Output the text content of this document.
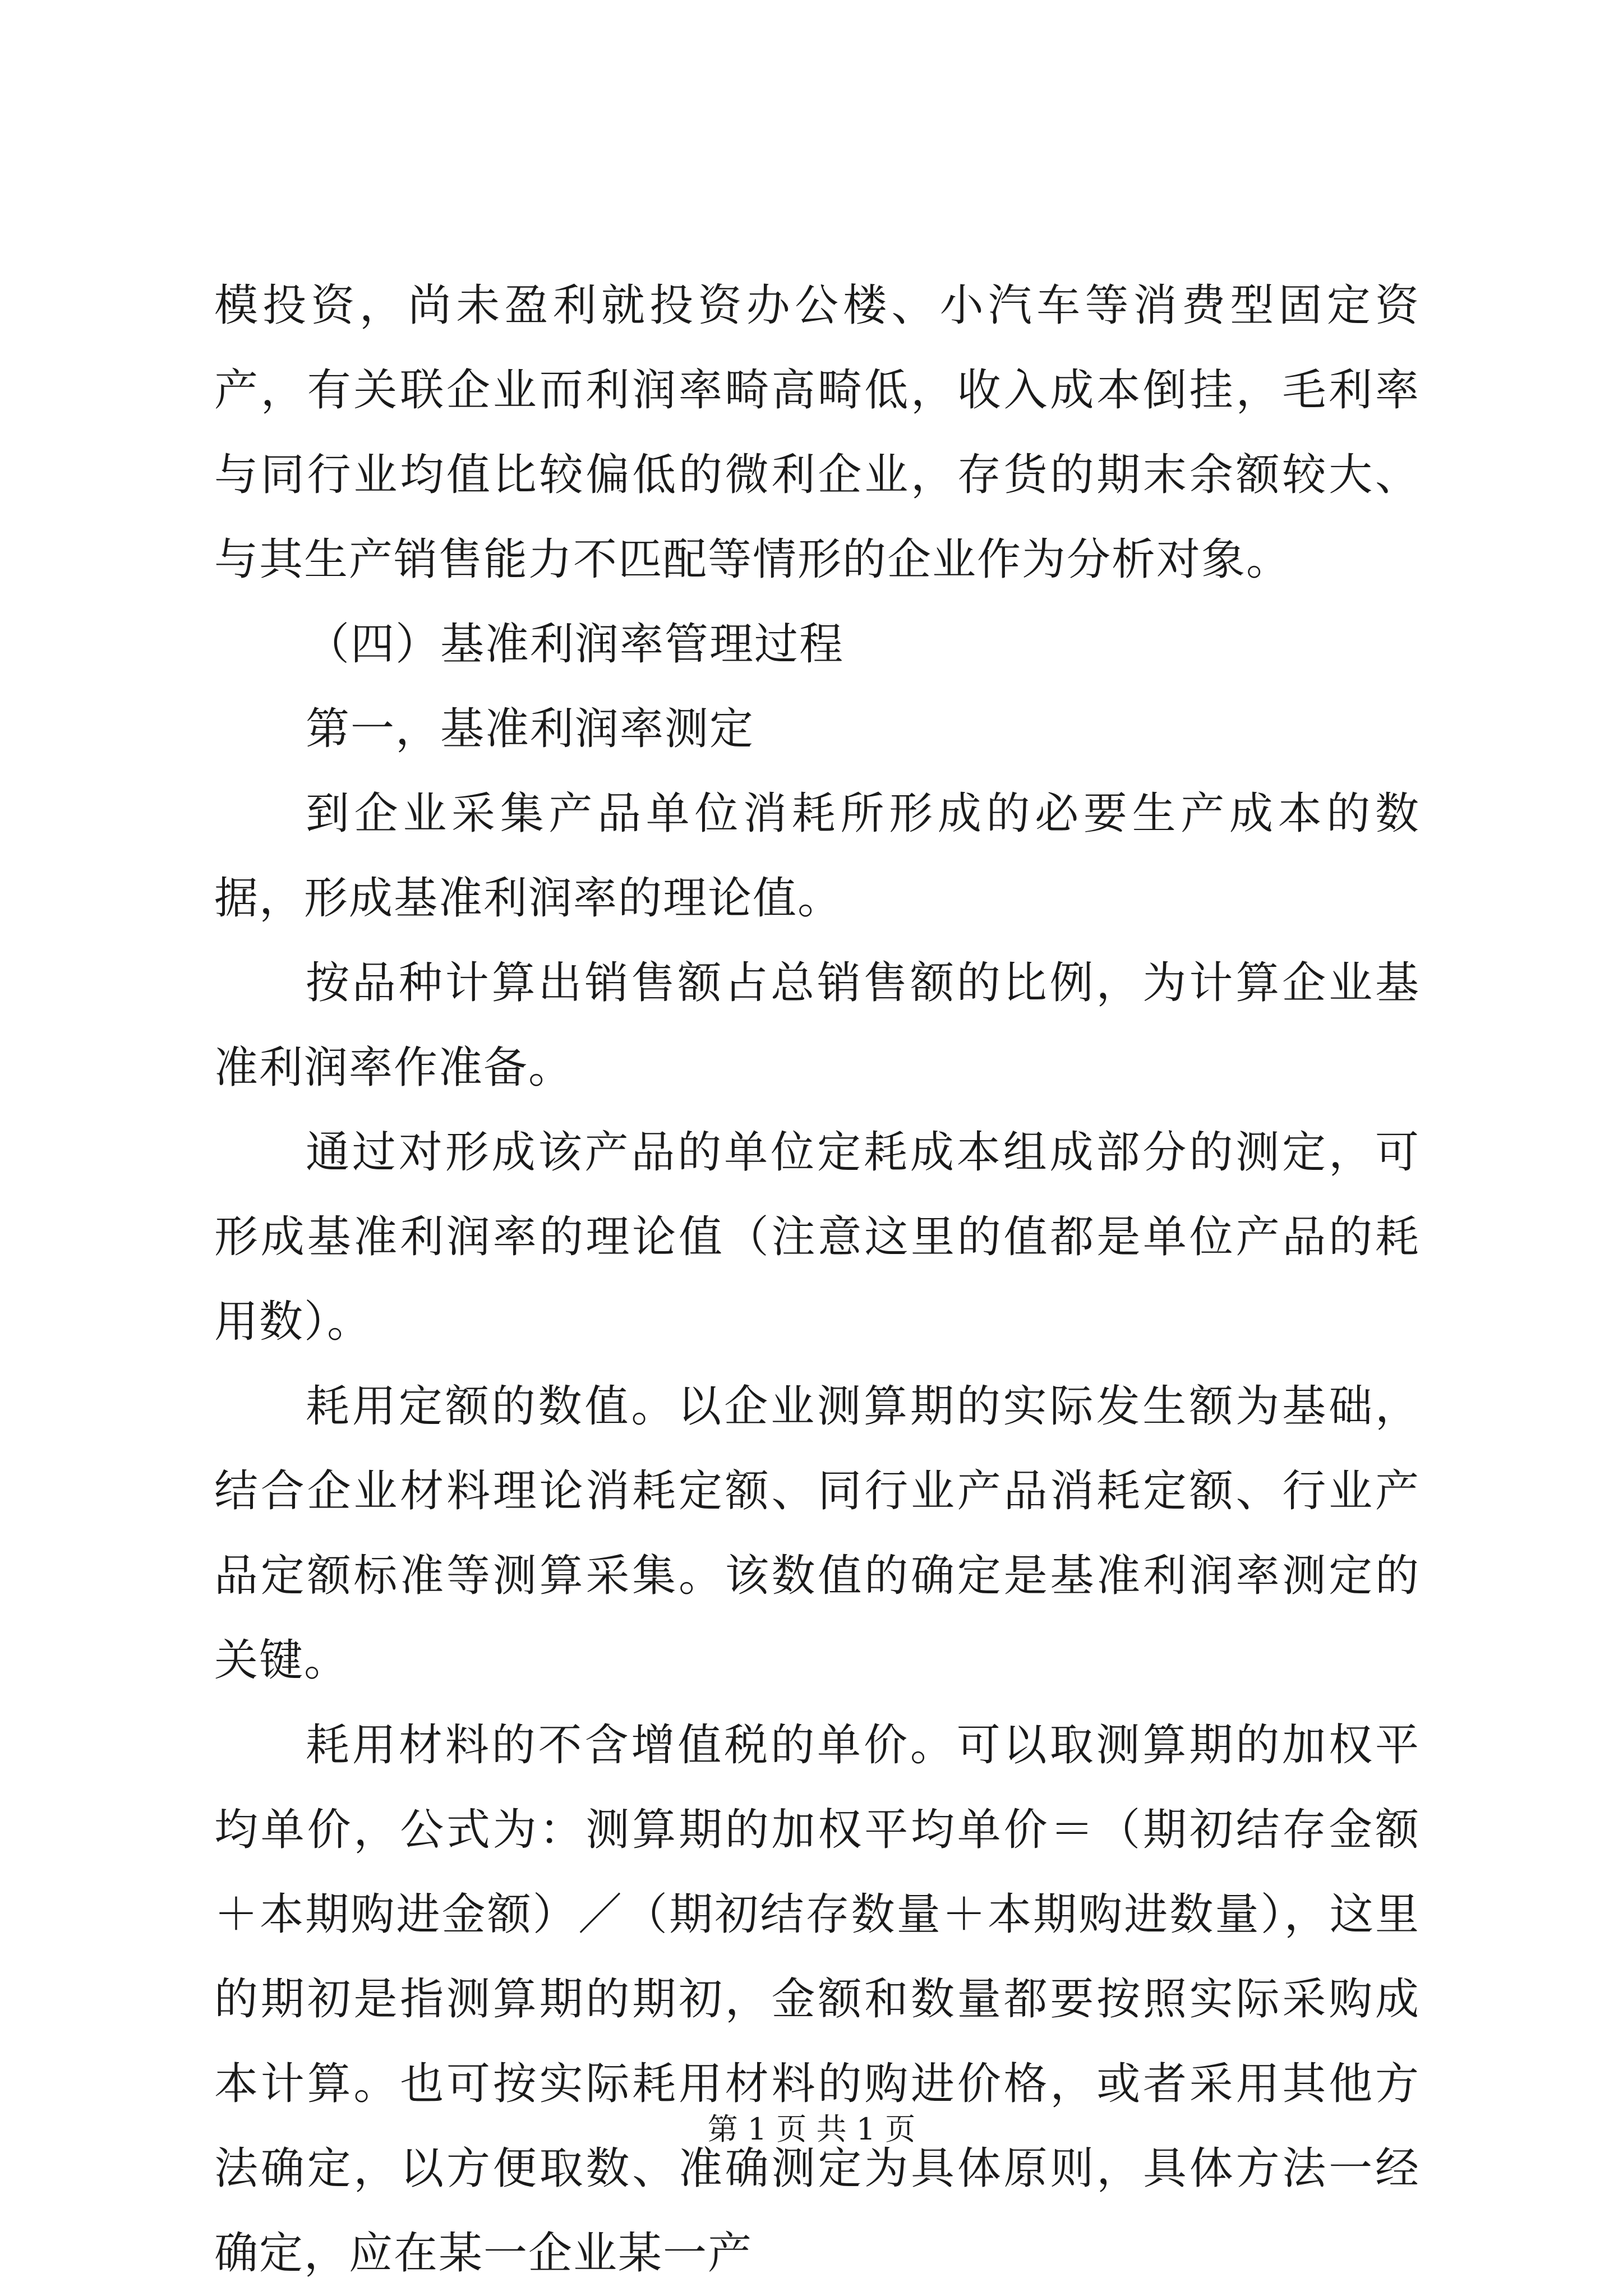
模投资，尚未盈利就投资办公楼、小汽车等消费型固定资产，有关联企业而利润率畸高畸低，收入成本倒挂，毛利率与同行业均值比较偏低的微利企业，存货的期末余额较大、与其生产销售能力不匹配等情形的企业作为分析对象。

（四）基准利润率管理过程

第一，基准利润率测定

到企业采集产品单位消耗所形成的必要生产成本的数据，形成基准利润率的理论值。

按品种计算出销售额占总销售额的比例，为计算企业基准利润率作准备。

通过对形成该产品的单位定耗成本组成部分的测定，可形成基准利润率的理论值（注意这里的值都是单位产品的耗用数）。

耗用定额的数值。以企业测算期的实际发生额为基础，结合企业材料理论消耗定额、同行业产品消耗定额、行业产品定额标准等测算采集。该数值的确定是基准利润率测定的关键。

耗用材料的不含增值税的单价。可以取测算期的加权平均单价，公式为：测算期的加权平均单价＝（期初结存金额＋本期购进金额）／（期初结存数量＋本期购进数量），这里的期初是指测算期的期初，金额和数量都要按照实际采购成本计算。也可按实际耗用材料的购进价格，或者采用其他方法确定，以方便取数、准确测定为具体原则，具体方法一经确定，应在某一企业某一产

第 1 页 共 1 页
